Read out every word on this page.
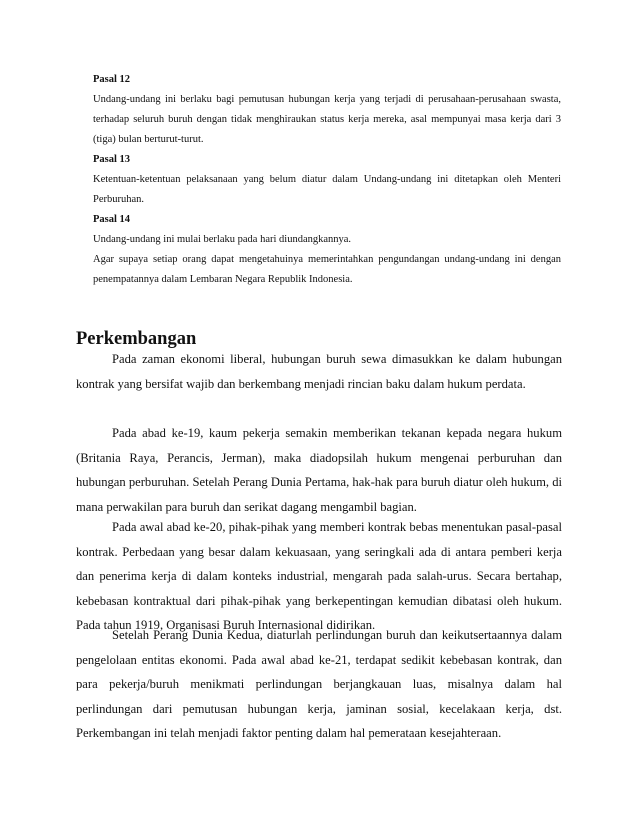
Pasal 12

Undang-undang ini berlaku bagi pemutusan hubungan kerja yang terjadi di perusahaan-perusahaan swasta, terhadap seluruh buruh dengan tidak menghiraukan status kerja mereka, asal mempunyai masa kerja dari 3 (tiga) bulan berturut-turut.

Pasal 13

Ketentuan-ketentuan pelaksanaan yang belum diatur dalam Undang-undang ini ditetapkan oleh Menteri Perburuhan.

Pasal 14

Undang-undang ini mulai berlaku pada hari diundangkannya.

Agar supaya setiap orang dapat mengetahuinya memerintahkan pengundangan undang-undang ini dengan penempatannya dalam Lembaran Negara Republik Indonesia.

Perkembangan

Pada zaman ekonomi liberal, hubungan buruh sewa dimasukkan ke dalam hubungan kontrak yang bersifat wajib dan berkembang menjadi rincian baku dalam hukum perdata.

Pada abad ke-19, kaum pekerja semakin memberikan tekanan kepada negara hukum (Britania Raya, Perancis, Jerman), maka diadopsilah hukum mengenai perburuhan dan hubungan perburuhan. Setelah Perang Dunia Pertama, hak-hak para buruh diatur oleh hukum, di mana perwakilan para buruh dan serikat dagang mengambil bagian.

Pada awal abad ke-20, pihak-pihak yang memberi kontrak bebas menentukan pasal-pasal kontrak. Perbedaan yang besar dalam kekuasaan, yang seringkali ada di antara pemberi kerja dan penerima kerja di dalam konteks industrial, mengarah pada salah-urus. Secara bertahap, kebebasan kontraktual dari pihak-pihak yang berkepentingan kemudian dibatasi oleh hukum. Pada tahun 1919, Organisasi Buruh Internasional didirikan.

Setelah Perang Dunia Kedua, diaturlah perlindungan buruh dan keikutsertaannya dalam pengelolaan entitas ekonomi. Pada awal abad ke-21, terdapat sedikit kebebasan kontrak, dan para pekerja/buruh menikmati perlindungan berjangkauan luas, misalnya dalam hal perlindungan dari pemutusan hubungan kerja, jaminan sosial, kecelakaan kerja, dst. Perkembangan ini telah menjadi faktor penting dalam hal pemerataan kesejahteraan.
